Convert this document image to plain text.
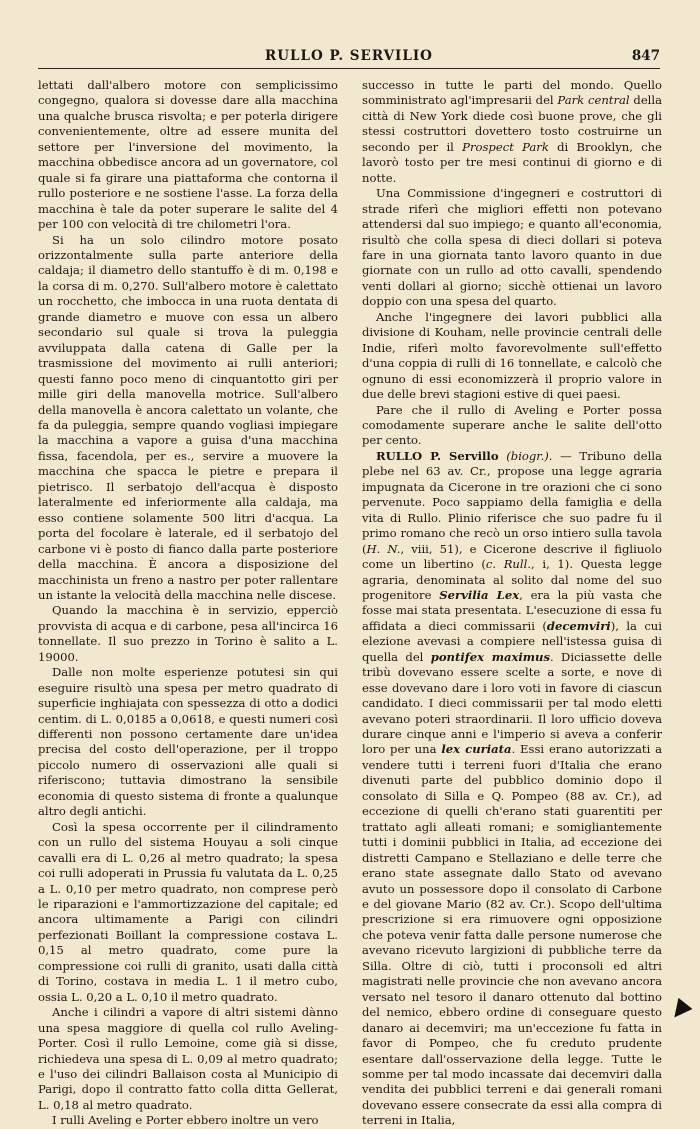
RULLO P. SERVILIO	847

lettati dall'albero motore con semplicissimo congegno, qualora si dovesse dare alla macchina una qualche brusca risvolta; e per poterla dirigere convenientemente, oltre ad essere munita del settore per l'inversione del movimento, la macchina obbedisce ancora ad un governatore, col quale si fa girare una piattaforma che contorna il rullo posteriore e ne sostiene l'asse. La forza della macchina è tale da poter superare le salite del 4 per 100 con velocità di tre chilometri l'ora.

Si ha un solo cilindro motore posato orizzontalmente sulla parte anteriore della caldaja; il diametro dello stantuffo è di m. 0,198 e la corsa di m. 0,270. Sull'albero motore è calettato un rocchetto, che imbocca in una ruota dentata di grande diametro e muove con essa un albero secondario sul quale si trova la puleggia avviluppata dalla catena di Galle per la trasmissione del movimento ai rulli anteriori; questi fanno poco meno di cinquantotto giri per mille giri della manovella motrice. Sull'albero della manovella è ancora calettato un volante, che fa da puleggia, sempre quando vogliasi impiegare la macchina a vapore a guisa d'una macchina fissa, facendola, per es., servire a muovere la macchina che spacca le pietre e prepara il pietrisco. Il serbatojo dell'acqua è disposto lateralmente ed inferiormente alla caldaja, ma esso contiene solamente 500 litri d'acqua. La porta del focolare è laterale, ed il serbatojo del carbone vi è posto di fianco dalla parte posteriore della macchina. È ancora a disposizione del macchinista un freno a nastro per poter rallentare un istante la velocità della macchina nelle discese.

Quando la macchina è in servizio, epperciò provvista di acqua e di carbone, pesa all'incirca 16 tonnellate. Il suo prezzo in Torino è salito a L. 19000.

Dalle non molte esperienze potutesi sin qui eseguire risultò una spesa per metro quadrato di superficie inghiajata con spessezza di otto a dodici centim. di L. 0,0185 a 0,0618, e questi numeri così differenti non possono certamente dare un'idea precisa del costo dell'operazione, per il troppo piccolo numero di osservazioni alle quali si riferiscono; tuttavia dimostrano la sensibile economia di questo sistema di fronte a qualunque altro degli antichi.

Così la spesa occorrente per il cilindramento con un rullo del sistema Houyau a soli cinque cavalli era di L. 0,26 al metro quadrato; la spesa coi rulli adoperati in Prussia fu valutata da L. 0,25 a L. 0,10 per metro quadrato, non comprese però le riparazioni e l'ammortizzazione del capitale; ed ancora ultimamente a Parigi con cilindri perfezionati Boillant la compressione costava L. 0,15 al metro quadrato, come pure la compressione coi rulli di granito, usati dalla città di Torino, costava in media L. 1 il metro cubo, ossia L. 0,20 a L. 0,10 il metro quadrato.

Anche i cilindri a vapore di altri sistemi dànno una spesa maggiore di quella col rullo Aveling-Porter. Così il rullo Lemoine, come già si disse, richiedeva una spesa di L. 0,09 al metro quadrato; e l'uso dei cilindri Ballaison costa al Municipio di Parigi, dopo il contratto fatto colla ditta Gellerat, L. 0,18 al metro quadrato.

I rulli Aveling e Porter ebbero inoltre un vero

successo in tutte le parti del mondo. Quello somministrato agl'impresarii del Park central della città di New York diede così buone prove, che gli stessi costruttori dovettero tosto costruirne un secondo per il Prospect Park di Brooklyn, che lavorò tosto per tre mesi continui di giorno e di notte.

Una Commissione d'ingegneri e costruttori di strade riferì che migliori effetti non potevano attendersi dal suo impiego; e quanto all'economia, risultò che colla spesa di dieci dollari si poteva fare in una giornata tanto lavoro quanto in due giornate con un rullo ad otto cavalli, spendendo venti dollari al giorno; sicchè ottienai un lavoro doppio con una spesa del quarto.

Anche l'ingegnere dei lavori pubblici alla divisione di Kouham, nelle provincie centrali delle Indie, riferì molto favorevolmente sull'effetto d'una coppia di rulli di 16 tonnellate, e calcolò che ognuno di essi economizzerà il proprio valore in due delle brevi stagioni estive di quei paesi.

Pare che il rullo di Aveling e Porter possa comodamente superare anche le salite dell'otto per cento.

RULLO P. Servillo (biogr.). — Tribuno della plebe nel 63 av. Cr., propose una legge agraria impugnata da Cicerone in tre orazioni che ci sono pervenute. Poco sappiamo della famiglia e della vita di Rullo. Plinio riferisce che suo padre fu il primo romano che recò un orso intiero sulla tavola (H. N., viii, 51), e Cicerone descrive il figliuolo come un libertino (c. Rull., i, 1). Questa legge agraria, denominata al solito dal nome del suo progenitore Servilia Lex, era la più vasta che fosse mai stata presentata. L'esecuzione di essa fu affidata a dieci commissarii (decemviri), la cui elezione avevasi a compiere nell'istessa guisa di quella del pontifex maximus. Diciassette delle tribù dovevano essere scelte a sorte, e nove di esse dovevano dare i loro voti in favore di ciascun candidato. I dieci commissarii per tal modo eletti avevano poteri straordinarii. Il loro ufficio doveva durare cinque anni e l'imperio si aveva a conferir loro per una lex curiata. Essi erano autorizzati a vendere tutti i terreni fuori d'Italia che erano divenuti parte del pubblico dominio dopo il consolato di Silla e Q. Pompeo (88 av. Cr.), ad eccezione di quelli ch'erano stati guarentiti per trattato agli alleati romani; e somigliantemente tutti i dominii pubblici in Italia, ad eccezione dei distretti Campano e Stellaziano e delle terre che erano state assegnate dallo Stato od avevano avuto un possessore dopo il consolato di Carbone e del giovane Mario (82 av. Cr.). Scopo dell'ultima prescrizione si era rimuovere ogni opposizione che poteva venir fatta dalle persone numerose che avevano ricevuto largizioni di pubbliche terre da Silla. Oltre di ciò, tutti i proconsoli ed altri magistrati nelle provincie che non avevano ancora versato nel tesoro il danaro ottenuto dal bottino del nemico, ebbero ordine di conseguare questo danaro ai decemviri; ma un'eccezione fu fatta in favor di Pompeo, che fu creduto prudente esentare dall'osservazione della legge. Tutte le somme per tal modo incassate dai decemviri dalla vendita dei pubblici terreni e dai generali romani dovevano essere consecrate da essi alla compra di terreni in Italia,
